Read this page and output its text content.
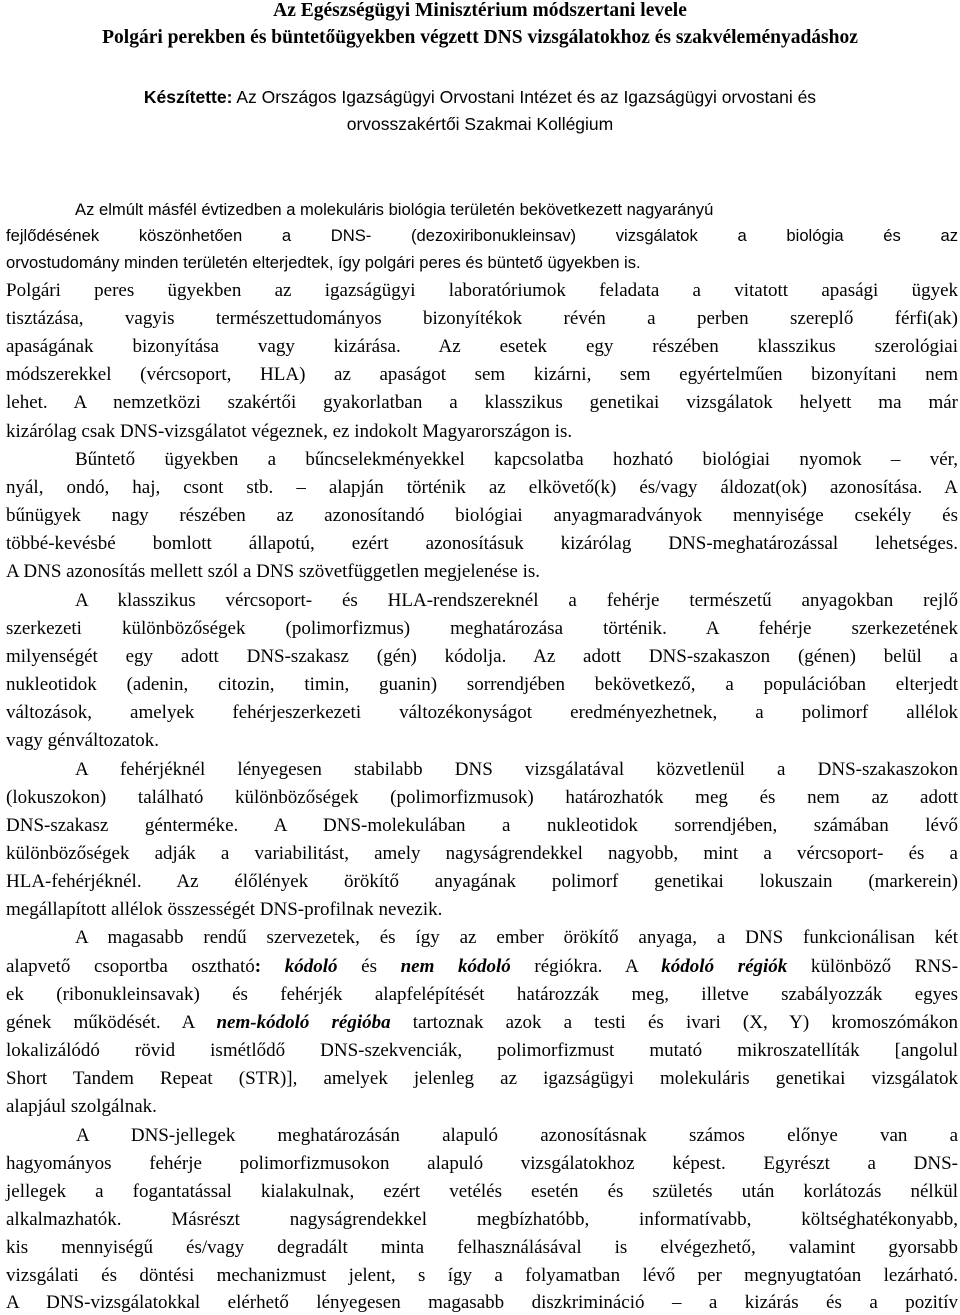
Az Egészségügyi Minisztérium módszertani levele
Polgári perekben és büntetőügyekben végzett DNS vizsgálatokhoz és szakvéleményadáshoz
Készítette: Az Országos Igazságügyi Orvostani Intézet és az Igazságügyi orvostani és
orvosszakértői Szakmai Kollégium
Az elmúlt másfél évtizedben a molekuláris biológia területén bekövetkezett nagyarányú
fejlődésének köszönhetően a DNS- (dezoxiribonukleinsav) vizsgálatok a biológia és az
orvostudomány minden területén elterjedtek, így polgári peres és büntető ügyekben is.
Polgári peres ügyekben az igazságügyi laboratóriumok feladata a vitatott apasági ügyek
tisztázása, vagyis természettudományos bizonyítékok révén a perben szereplő férfi(ak)
apaságának bizonyítása vagy kizárása. Az esetek egy részében klasszikus szerológiai
módszerekkel (vércsoport, HLA) az apaságot sem kizárni, sem egyértelműen bizonyítani nem
lehet. A nemzetközi szakértői gyakorlatban a klasszikus genetikai vizsgálatok helyett ma már
kizárólag csak DNS-vizsgálatot végeznek, ez indokolt Magyarországon is.
Bűntető ügyekben a bűncselekményekkel kapcsolatba hozható biológiai nyomok – vér,
nyál, ondó, haj, csont stb. – alapján történik az elkövető(k) és/vagy áldozat(ok) azonosítása. A
bűnügyek nagy részében az azonosítandó biológiai anyagmaradványok mennyisége csekély és
többé-kevésbé bomlott állapotú, ezért azonosításuk kizárólag DNS-meghatározással lehetséges.
A DNS azonosítás mellett szól a DNS szövetfüggetlen megjelenése is.
A klasszikus vércsoport- és HLA-rendszereknél a fehérje természetű anyagokban rejlő
szerkezeti különbözőségek (polimorfizmus) meghatározása történik. A fehérje szerkezetének
milyenségét egy adott DNS-szakasz (gén) kódolja. Az adott DNS-szakaszon (génen) belül a
nukleotidok (adenin, citozin, timin, guanin) sorrendjében bekövetkező, a populációban elterjedt
változások, amelyek fehérjeszerkezeti változékonyságot eredményezhetnek, a polimorf allélok
vagy génváltozatok.
A fehérjéknél lényegesen stabilabb DNS vizsgálatával közvetlenül a DNS-szakaszokon
(lokuszokon) található különbözőségek (polimorfizmusok) határozhatók meg és nem az adott
DNS-szakasz génterméke. A DNS-molekulában a nukleotidok sorrendjében, számában lévő
különbözőségek adják a variabilitást, amely nagyságrendekkel nagyobb, mint a vércsoport- és a
HLA-fehérjéknél. Az élőlények örökítő anyagának polimorf genetikai lokuszain (markerein)
megállapított allélok összességét DNS-profilnak nevezik.
A magasabb rendű szervezetek, és így az ember örökítő anyaga, a DNS funkcionálisan két
alapvető csoportba osztható: kódoló és nem kódoló régiókra. A kódoló régiók különböző RNS-
ek (ribonukleinsavak) és fehérjék alapfelépítését határozzák meg, illetve szabályozzák egyes
gének működését. A nem-kódoló régióba tartoznak azok a testi és ivari (X, Y) kromoszómákon
lokalizálódó rövid ismétlődő DNS-szekvenciák, polimorfizmust mutató mikroszatellíták [angolul
Short Tandem Repeat (STR)], amelyek jelenleg az igazságügyi molekuláris genetikai vizsgálatok
alapjául szolgálnak.
A DNS-jellegek meghatározásán alapuló azonosításnak számos előnye van a
hagyományos fehérje polimorfizmusokon alapuló vizsgálatokhoz képest. Egyrészt a DNS-
jellegek a fogantatással kialakulnak, ezért vetélés esetén és születés után korlátozás nélkül
alkalmazhatók. Másrészt nagyságrendekkel megbízhatóbb, informatívabb, költséghatékonyabb,
kis mennyiségű és/vagy degradált minta felhasználásával is elvégezhető, valamint gyorsabb
vizsgálati és döntési mechanizmust jelent, s így a folyamatban lévő per megnyugtatóan lezárható.
A DNS-vizsgálatokkal elérhető lényegesen magasabb diszkrimináció – a kizárás és a pozitív
